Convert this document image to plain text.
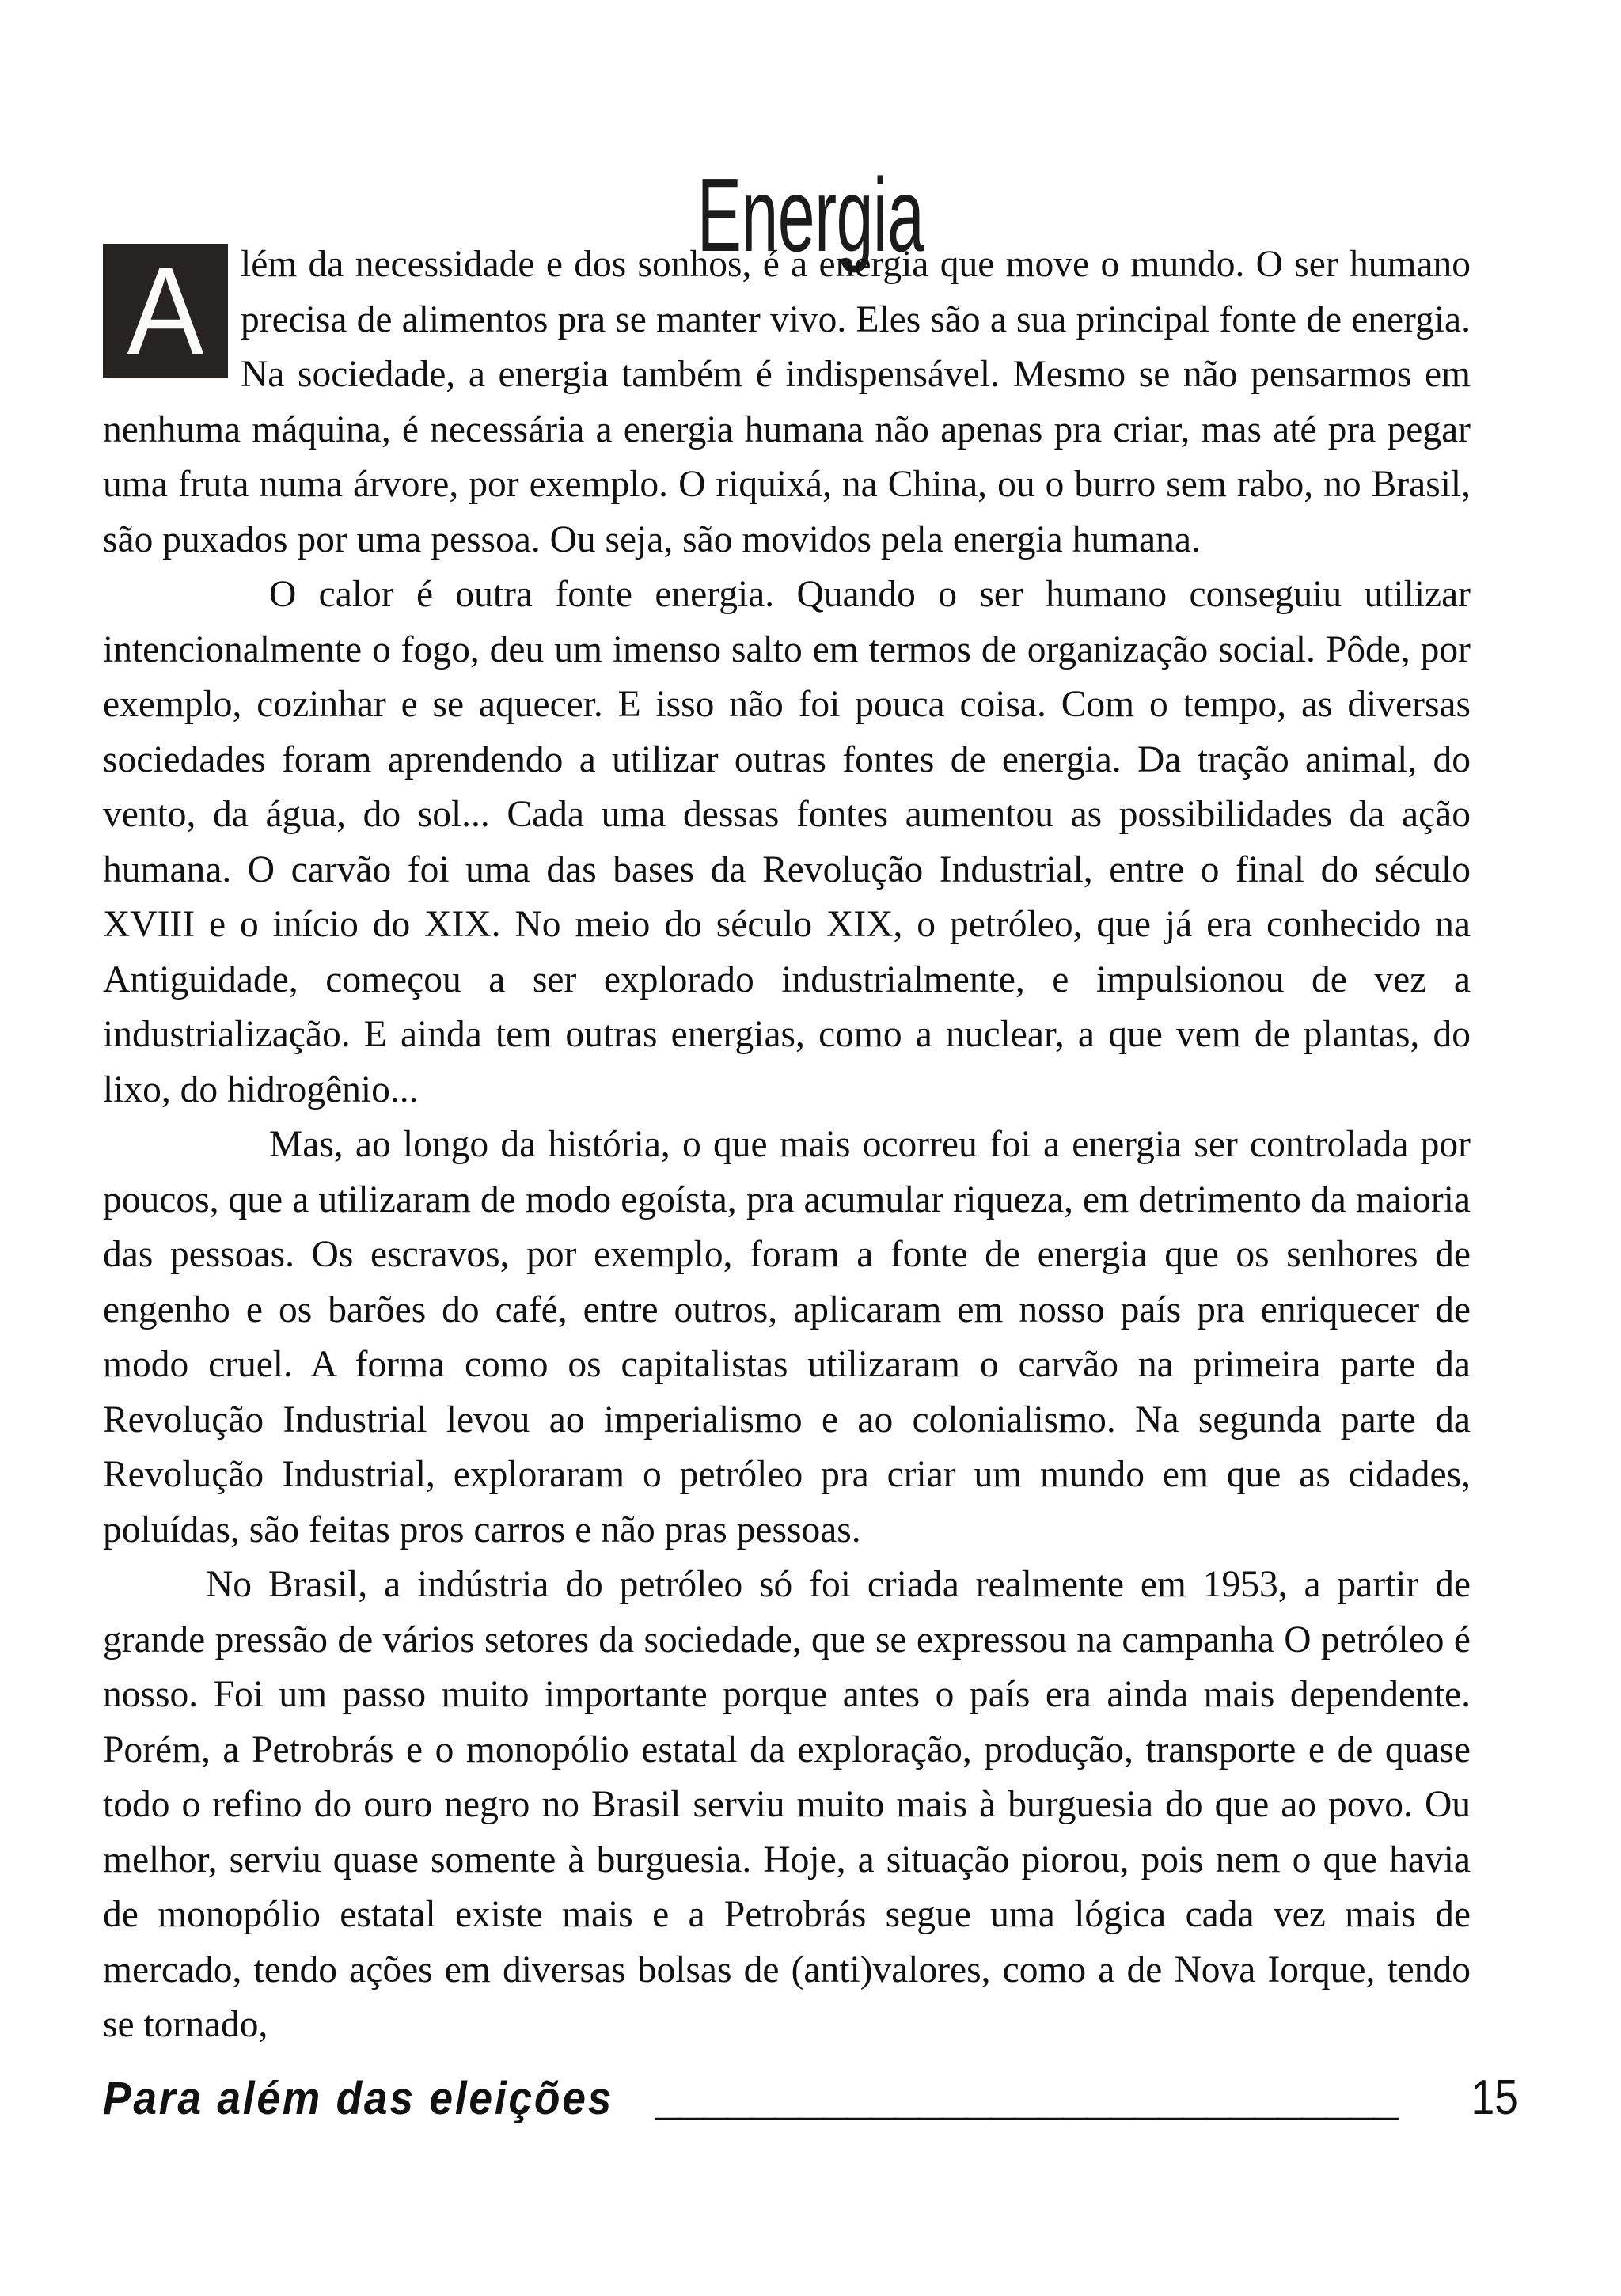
Energia

A lém da necessidade e dos sonhos, é a energia que move o mundo. O ser humano precisa de alimentos pra se manter vivo. Eles são a sua principal fonte de energia. Na sociedade, a energia também é indispensável. Mesmo se não pensarmos em nenhuma máquina, é necessária a energia humana não apenas pra criar, mas até pra pegar uma fruta numa árvore, por exemplo. O riquixá, na China, ou o burro sem rabo, no Brasil, são puxados por uma pessoa. Ou seja, são movidos pela energia humana.

O calor é outra fonte energia. Quando o ser humano conseguiu utilizar intencionalmente o fogo, deu um imenso salto em termos de organização social. Pôde, por exemplo, cozinhar e se aquecer. E isso não foi pouca coisa. Com o tempo, as diversas sociedades foram aprendendo a utilizar outras fontes de energia. Da tração animal, do vento, da água, do sol... Cada uma dessas fontes aumentou as possibilidades da ação humana. O carvão foi uma das bases da Revolução Industrial, entre o final do século XVIII e o início do XIX. No meio do século XIX, o petróleo, que já era conhecido na Antiguidade, começou a ser explorado industrialmente, e impulsionou de vez a industrialização. E ainda tem outras energias, como a nuclear, a que vem de plantas, do lixo, do hidrogênio...

Mas, ao longo da história, o que mais ocorreu foi a energia ser controlada por poucos, que a utilizaram de modo egoísta, pra acumular riqueza, em detrimento da maioria das pessoas. Os escravos, por exemplo, foram a fonte de energia que os senhores de engenho e os barões do café, entre outros, aplicaram em nosso país pra enriquecer de modo cruel. A forma como os capitalistas utilizaram o carvão na primeira parte da Revolução Industrial levou ao imperialismo e ao colonialismo. Na segunda parte da Revolução Industrial, exploraram o petróleo pra criar um mundo em que as cidades, poluídas, são feitas pros carros e não pras pessoas.

No Brasil, a indústria do petróleo só foi criada realmente em 1953, a partir de grande pressão de vários setores da sociedade, que se expressou na campanha O petróleo é nosso. Foi um passo muito importante porque antes o país era ainda mais dependente. Porém, a Petrobrás e o monopólio estatal da exploração, produção, transporte e de quase todo o refino do ouro negro no Brasil serviu muito mais à burguesia do que ao povo. Ou melhor, serviu quase somente à burguesia. Hoje, a situação piorou, pois nem o que havia de monopólio estatal existe mais e a Petrobrás segue uma lógica cada vez mais de mercado, tendo ações em diversas bolsas de (anti)valores, como a de Nova Iorque, tendo se tornado,

Para além das eleições _______________________________	15
